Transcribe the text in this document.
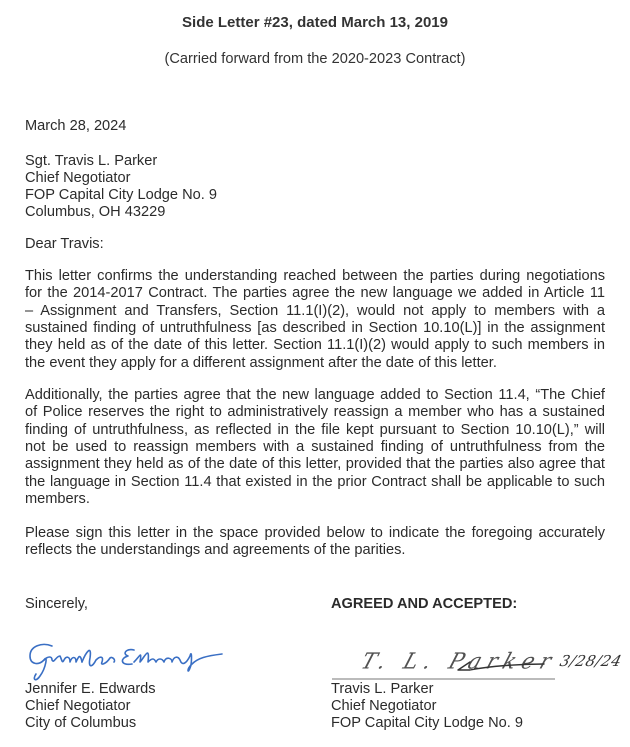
Side Letter #23, dated March 13, 2019
(Carried forward from the 2020-2023 Contract)
March 28, 2024
Sgt. Travis L. Parker
Chief Negotiator
FOP Capital City Lodge No. 9
Columbus, OH 43229
Dear Travis:
This letter confirms the understanding reached between the parties during negotiations
for the 2014-2017 Contract. The parties agree the new language we added in Article 11
– Assignment and Transfers, Section 11.1(I)(2), would not apply to members with a
sustained finding of untruthfulness [as described in Section 10.10(L)] in the assignment
they held as of the date of this letter. Section 11.1(I)(2) would apply to such members in
the event they apply for a different assignment after the date of this letter.
Additionally, the parties agree that the new language added to Section 11.4, “The Chief
of Police reserves the right to administratively reassign a member who has a sustained
finding of untruthfulness, as reflected in the file kept pursuant to Section 10.10(L),” will
not be used to reassign members with a sustained finding of untruthfulness from the
assignment they held as of the date of this letter, provided that the parties also agree that
the language in Section 11.4 that existed in the prior Contract shall be applicable to such
members.
Please sign this letter in the space provided below to indicate the foregoing accurately
reflects the understandings and agreements of the parities.
Sincerely,	AGREED AND ACCEPTED:
Jennifer E. Edwards
Chief Negotiator
City of Columbus
T. L. Parker
3/28/24
Travis L. Parker
Chief Negotiator
FOP Capital City Lodge No. 9
